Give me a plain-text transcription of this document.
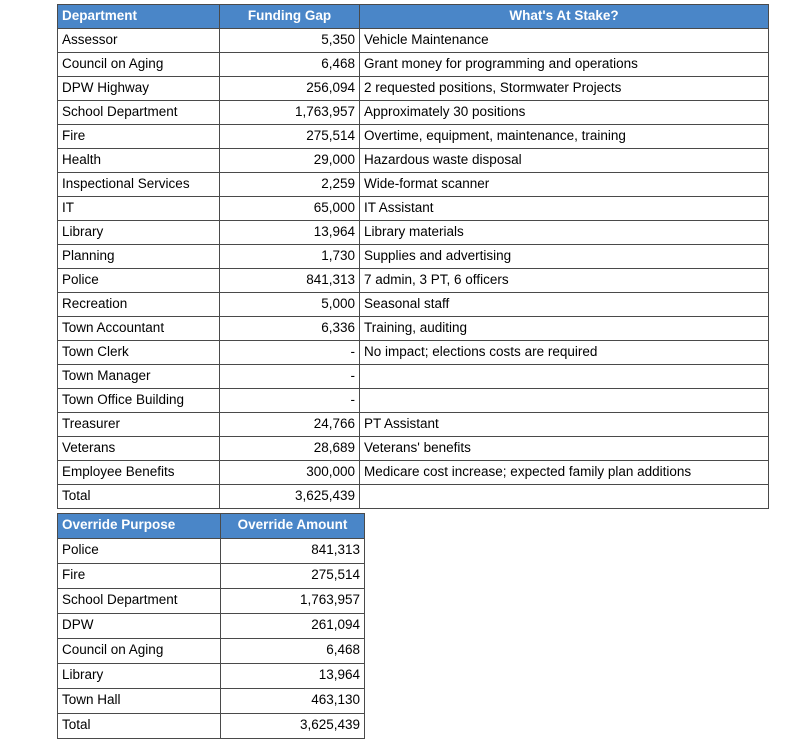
Department	Funding Gap	What's At Stake?
Assessor	5,350	Vehicle Maintenance
Council on Aging	6,468	Grant money for programming and operations
DPW Highway	256,094	2 requested positions, Stormwater Projects
School Department	1,763,957	Approximately 30 positions
Fire	275,514	Overtime, equipment, maintenance, training
Health	29,000	Hazardous waste disposal
Inspectional Services	2,259	Wide-format scanner
IT	65,000	IT Assistant
Library	13,964	Library materials
Planning	1,730	Supplies and advertising
Police	841,313	7 admin, 3 PT, 6 officers
Recreation	5,000	Seasonal staff
Town Accountant	6,336	Training, auditing
Town Clerk	-	No impact; elections costs are required
Town Manager	-	
Town Office Building	-	
Treasurer	24,766	PT Assistant
Veterans	28,689	Veterans' benefits
Employee Benefits	300,000	Medicare cost increase; expected family plan additions
Total	3,625,439	
Override Purpose	Override Amount
Police	841,313
Fire	275,514
School Department	1,763,957
DPW	261,094
Council on Aging	6,468
Library	13,964
Town Hall	463,130
Total	3,625,439
